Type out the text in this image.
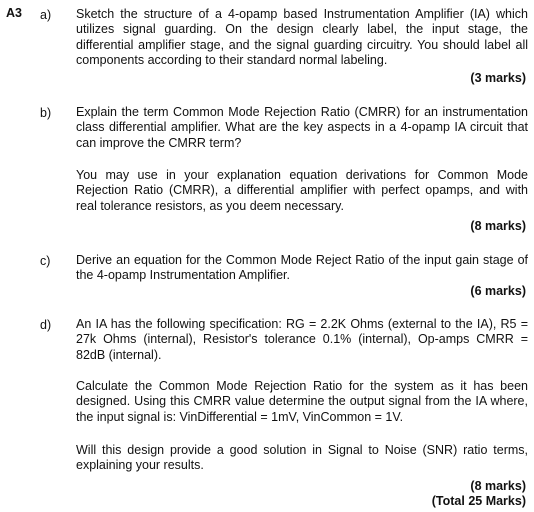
A3 a) Sketch the structure of a 4-opamp based Instrumentation Amplifier (IA) which utilizes signal guarding. On the design clearly label, the input stage, the differential amplifier stage, and the signal guarding circuitry. You should label all components according to their standard normal labeling.

(3 marks)
b) Explain the term Common Mode Rejection Ratio (CMRR) for an instrumentation class differential amplifier. What are the key aspects in a 4-opamp IA circuit that can improve the CMRR term?

You may use in your explanation equation derivations for Common Mode Rejection Ratio (CMRR), a differential amplifier with perfect opamps, and with real tolerance resistors, as you deem necessary.

(8 marks)
c) Derive an equation for the Common Mode Reject Ratio of the input gain stage of the 4-opamp Instrumentation Amplifier.

(6 marks)
d) An IA has the following specification: RG = 2.2K Ohms (external to the IA), R5 = 27k Ohms (internal), Resistor's tolerance 0.1% (internal), Op-amps CMRR = 82dB (internal).

Calculate the Common Mode Rejection Ratio for the system as it has been designed. Using this CMRR value determine the output signal from the IA where, the input signal is: VinDifferential = 1mV, VinCommon = 1V.

Will this design provide a good solution in Signal to Noise (SNR) ratio terms, explaining your results.

(8 marks)
(Total 25 Marks)
